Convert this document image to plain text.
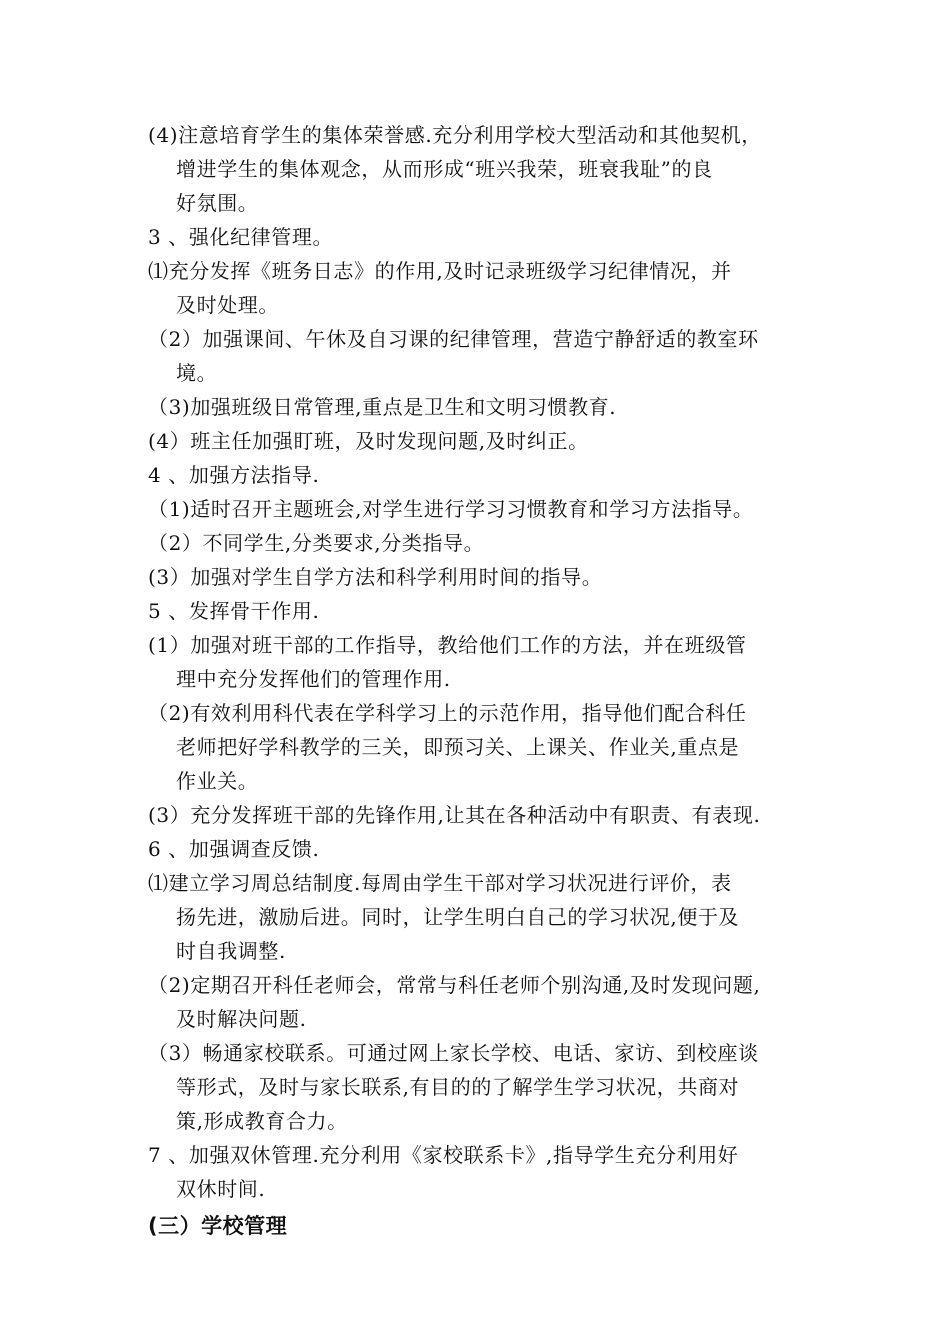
(4)注意培育学生的集体荣誉感.充分利用学校大型活动和其他契机，
增进学生的集体观念，从而形成“班兴我荣，班衰我耻”的良
好氛围。
3 、强化纪律管理。
⑴充分发挥《班务日志》的作用,及时记录班级学习纪律情况，并
及时处理。
（2）加强课间、午休及自习课的纪律管理，营造宁静舒适的教室环
境。
（3)加强班级日常管理,重点是卫生和文明习惯教育.
(4）班主任加强盯班，及时发现问题,及时纠正。
4 、加强方法指导.
（1)适时召开主题班会,对学生进行学习习惯教育和学习方法指导。
（2）不同学生,分类要求,分类指导。
(3）加强对学生自学方法和科学利用时间的指导。
5 、发挥骨干作用.
(1）加强对班干部的工作指导，教给他们工作的方法，并在班级管
理中充分发挥他们的管理作用.
（2)有效利用科代表在学科学习上的示范作用，指导他们配合科任
老师把好学科教学的三关，即预习关、上课关、作业关,重点是
作业关。
(3）充分发挥班干部的先锋作用,让其在各种活动中有职责、有表现.
6 、加强调查反馈.
⑴建立学习周总结制度.每周由学生干部对学习状况进行评价，表
扬先进，激励后进。同时，让学生明白自己的学习状况,便于及
时自我调整.
（2)定期召开科任老师会，常常与科任老师个别沟通,及时发现问题,
及时解决问题.
（3）畅通家校联系。可通过网上家长学校、电话、家访、到校座谈
等形式，及时与家长联系,有目的的了解学生学习状况，共商对
策,形成教育合力。
7 、加强双休管理.充分利用《家校联系卡》,指导学生充分利用好
双休时间.
(三）学校管理
